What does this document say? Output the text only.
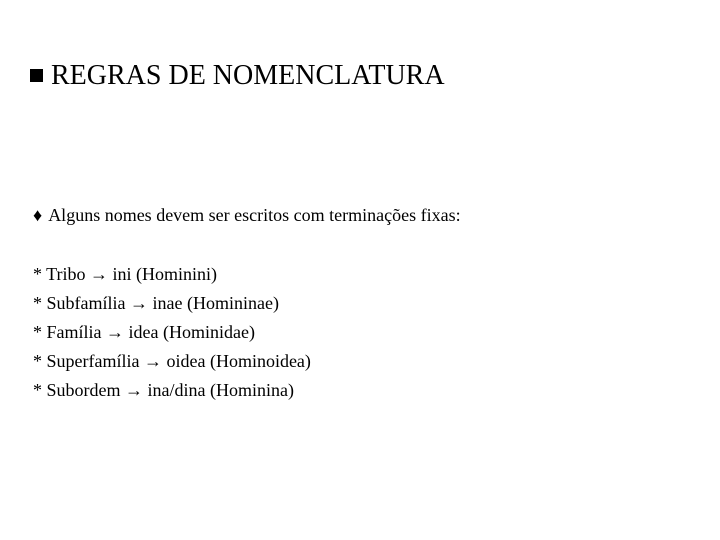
REGRAS DE NOMENCLATURA
♦ Alguns nomes devem ser escritos com terminações fixas:
* Tribo → ini (Hominini)
* Subfamília → inae (Homininae)
* Família → idea (Hominidae)
* Superfamília → oidea (Hominoidea)
* Subordem → ina/dina (Hominina)
